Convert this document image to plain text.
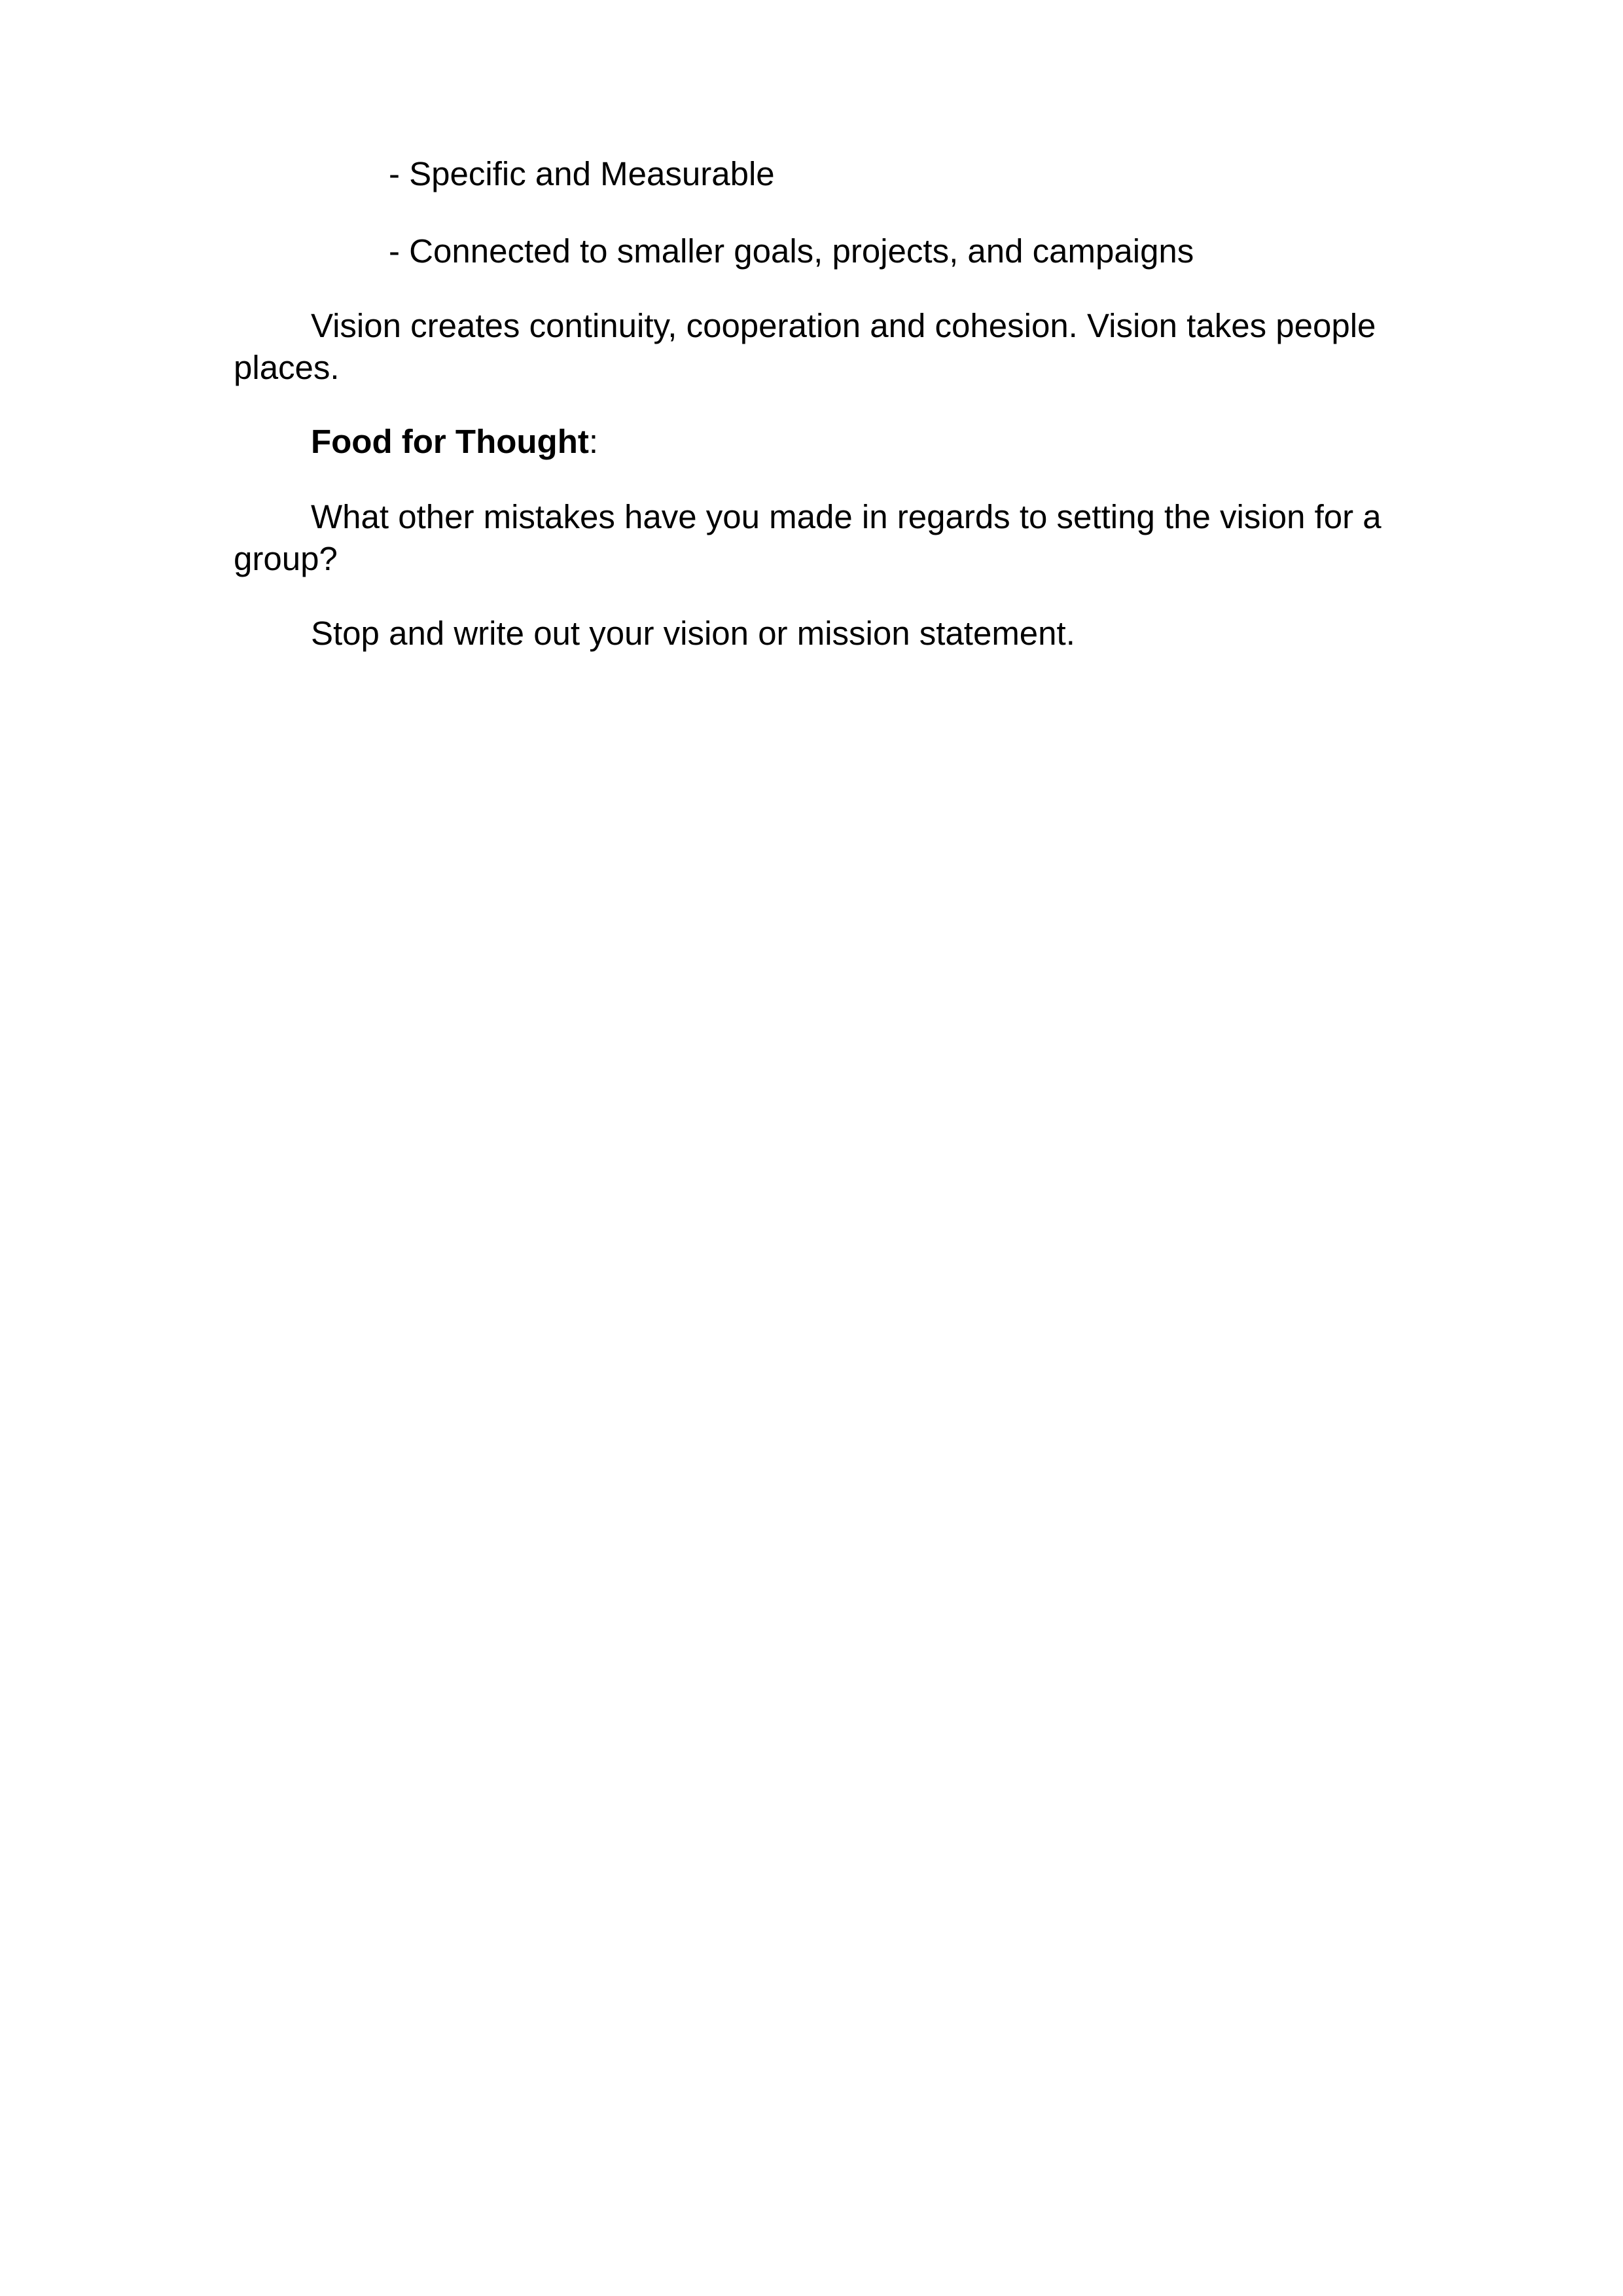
- Specific and Measurable

- Connected to smaller goals, projects, and campaigns

Vision creates continuity, cooperation and cohesion. Vision takes people places.

Food for Thought:

What other mistakes have you made in regards to setting the vision for a group?

Stop and write out your vision or mission statement.
